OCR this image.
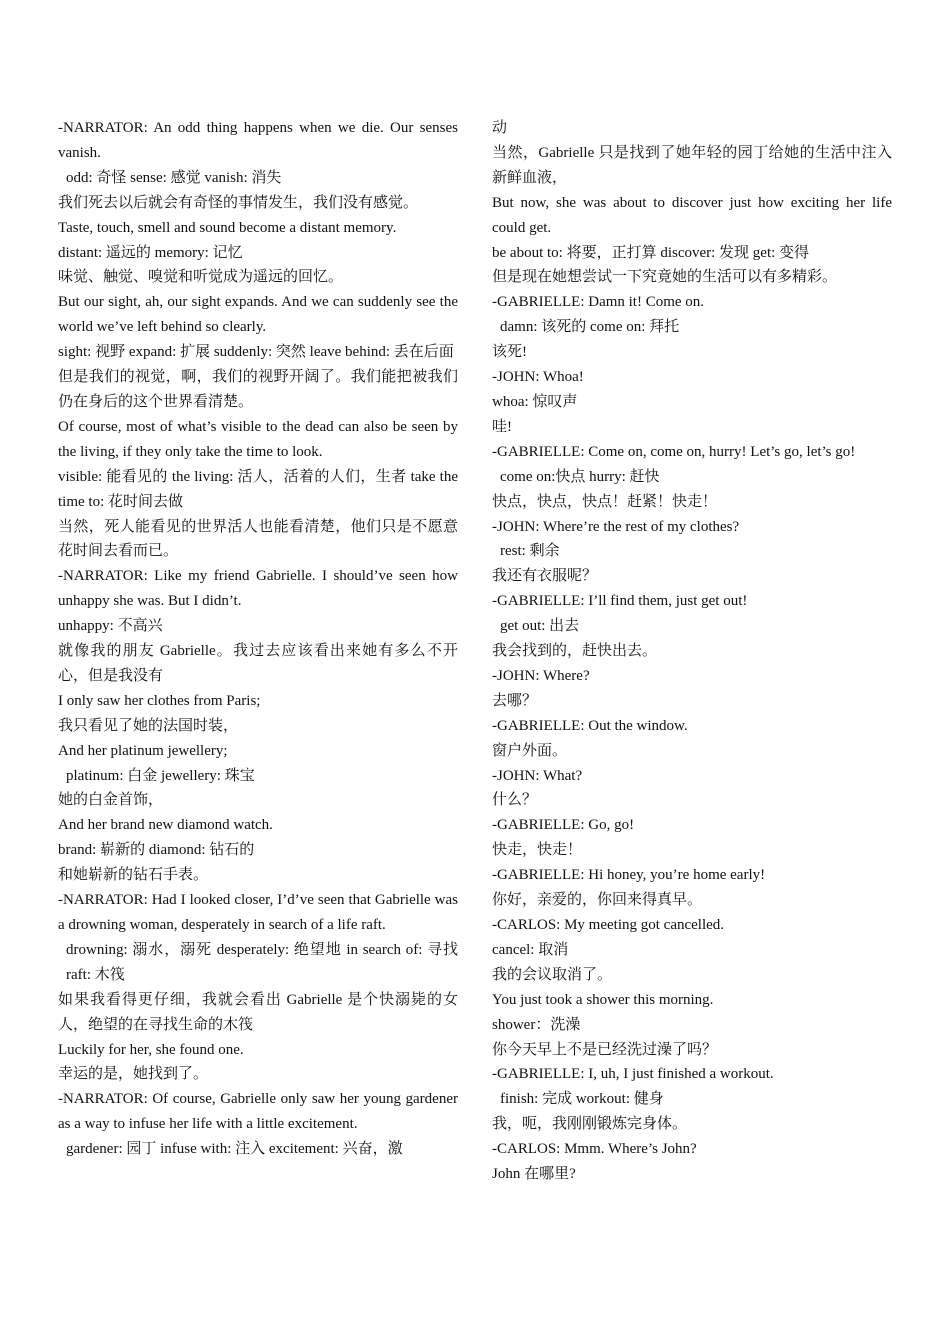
-NARRATOR: An odd thing happens when we die. Our senses vanish.

odd: 奇怪 sense: 感觉 vanish: 消失

我们死去以后就会有奇怪的事情发生，我们没有感觉。

Taste, touch, smell and sound become a distant memory.

distant: 遥远的 memory: 记忆

味觉、触觉、嗅觉和听觉成为遥远的回忆。

But our sight, ah, our sight expands. And we can suddenly see the world we’ve left behind so clearly.

sight: 视野 expand: 扩展 suddenly: 突然 leave behind: 丢在后面

但是我们的视觉，啊，我们的视野开阔了。我们能把被我们仍在身后的这个世界看清楚。

Of course, most of what’s visible to the dead can also be seen by the living, if they only take the time to look.

visible: 能看见的 the living: 活人，活着的人们，生者 take the time to: 花时间去做

当然，死人能看见的世界活人也能看清楚，他们只是不愿意花时间去看而已。

-NARRATOR: Like my friend Gabrielle. I should’ve seen how unhappy she was. But I didn’t.

unhappy: 不高兴

就像我的朋友 Gabrielle。我过去应该看出来她有多么不开心，但是我没有

I only saw her clothes from Paris;

我只看见了她的法国时装，

And her platinum jewellery;

platinum: 白金 jewellery: 珠宝

她的白金首饰，

And her brand new diamond watch.

brand: 崭新的 diamond: 钻石的

和她崭新的钻石手表。

-NARRATOR: Had I looked closer, I’d’ve seen that Gabrielle was a drowning woman, desperately in search of a life raft.

drowning: 溺水，溺死 desperately: 绝望地 in search of: 寻找 raft: 木筏

如果我看得更仔细，我就会看出 Gabrielle 是个快溺毙的女人，绝望的在寻找生命的木筏

Luckily for her, she found one.

幸运的是，她找到了。

-NARRATOR: Of course, Gabrielle only saw her young gardener as a way to infuse her life with a little excitement.

gardener: 园丁 infuse with: 注入 excitement: 兴奋，激

动

当然，Gabrielle 只是找到了她年轻的园丁给她的生活中注入新鲜血液，

But now, she was about to discover just how exciting her life could get.

be about to: 将要，正打算 discover: 发现 get: 变得

但是现在她想尝试一下究竟她的生活可以有多精彩。

-GABRIELLE: Damn it! Come on.

damn: 该死的 come on: 拜托

该死!

-JOHN: Whoa!

whoa: 惊叹声

哇!

-GABRIELLE: Come on, come on, hurry! Let’s go, let’s go!

come on:快点 hurry: 赶快

快点，快点，快点！赶紧！快走！

-JOHN: Where’re the rest of my clothes?

rest: 剩余

我还有衣服呢？

-GABRIELLE: I’ll find them, just get out!

get out: 出去

我会找到的，赶快出去。

-JOHN: Where?

去哪？

-GABRIELLE: Out the window.

窗户外面。

-JOHN: What?

什么？

-GABRIELLE: Go, go!

快走，快走！

-GABRIELLE: Hi honey, you’re home early!

你好，亲爱的，你回来得真早。

-CARLOS: My meeting got cancelled.

cancel: 取消

我的会议取消了。

You just took a shower this morning.

shower：洗澡

你今天早上不是已经洗过澡了吗？

-GABRIELLE: I, uh, I just finished a workout.

finish: 完成 workout: 健身

我，呃，我刚刚锻炼完身体。

-CARLOS: Mmm. Where’s John?

John 在哪里?
